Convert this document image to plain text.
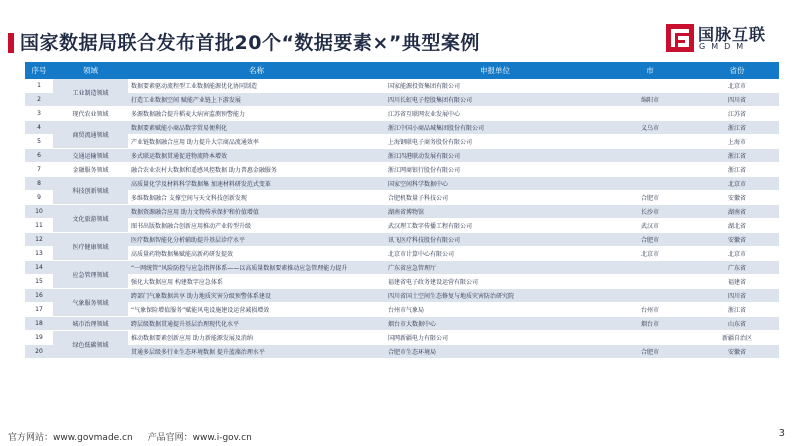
国家数据局联合发布首批20个“数据要素×”典型案例	国脉互联
GMDM
序号	领域	名称	申报单位	市	省份
1	工业制造领域	数据要素驱动流程型工业数据能源优化协同制造	国家能源投资集团有限公司		北京市
2		打造工业数据空间 赋能产业链上下游发展	四川长虹电子控股集团有限公司	绵阳市	四川省
3	现代农业领域	多源数据融合提升稻麦大病害监测预警能力	江苏省互联网农业发展中心		江苏省
4	商贸流通领域	数据要素赋能小商品数字贸易便利化	浙江中国小商品城集团股份有限公司	义乌市	浙江省
5		产业链数据融合应用 助力提升大宗商品流通效率	上海钢联电子商务股份有限公司		上海市
6	交通运输领域	多式联运数据贯通促进物流降本增效	浙江四港联动发展有限公司		浙江省
7	金融服务领域	融合农业农村大数据和遥感风控数据 助力普惠金融服务	浙江网商银行股份有限公司		浙江省
8	科技创新领域	高质量化学及材料科学数据集 加速材料研发范式变革	国家空间科学数据中心		北京市
9		多维数据融合 支撑空间与天文科技创新发现	合肥机数量子科技公司	合肥市	安徽省
10	文化旅游领域	数据资源融合应用 助力文物传承保护和价值增值	湖南省博物馆	长沙市	湖南省
11		图书出版数据融合创新应用推动产业转型升级	武汉理工数字传播工程有限公司	武汉市	湖北省
12	医疗健康领域	医疗数据智能化分析辅助提升基层诊疗水平	讯飞医疗科技股份有限公司	合肥市	安徽省
13		高质量药物数据集赋能高新药研发提效	北京市计算中心有限公司	北京市	北京市
14	应急管理领域	“一网统管”风险防控与应急指挥体系——以高质量数据要素推动应急管理能力提升	广东省应急管理厅		广东省
15		强化大数据应用 构建数字应急体系	福建省电子政务建设运营有限公司		福建省
16	气象服务领域	跨部门气象数据共享 助力地质灾害分级预警体系建设	四川省国土空间生态修复与地质灾害防治研究院		四川省
17		“气象保险增值服务”赋能风电设施建设运营减损增效	台州市气象局	台州市	浙江省
18	城市治理领域	跨层级数据贯通提升基层治理现代化水平	烟台市大数据中心	烟台市	山东省
19	绿色低碳领域	推动数据要素创新应用 助力新能源发展及消纳	国网新疆电力有限公司		新疆自治区
20		贯通多层级多行业生态环境数据 提升蓝藻治理水平	合肥市生态环境局	合肥市	安徽省
官方网站：www.govmade.cn 产品官网：www.i-gov.cn	3
